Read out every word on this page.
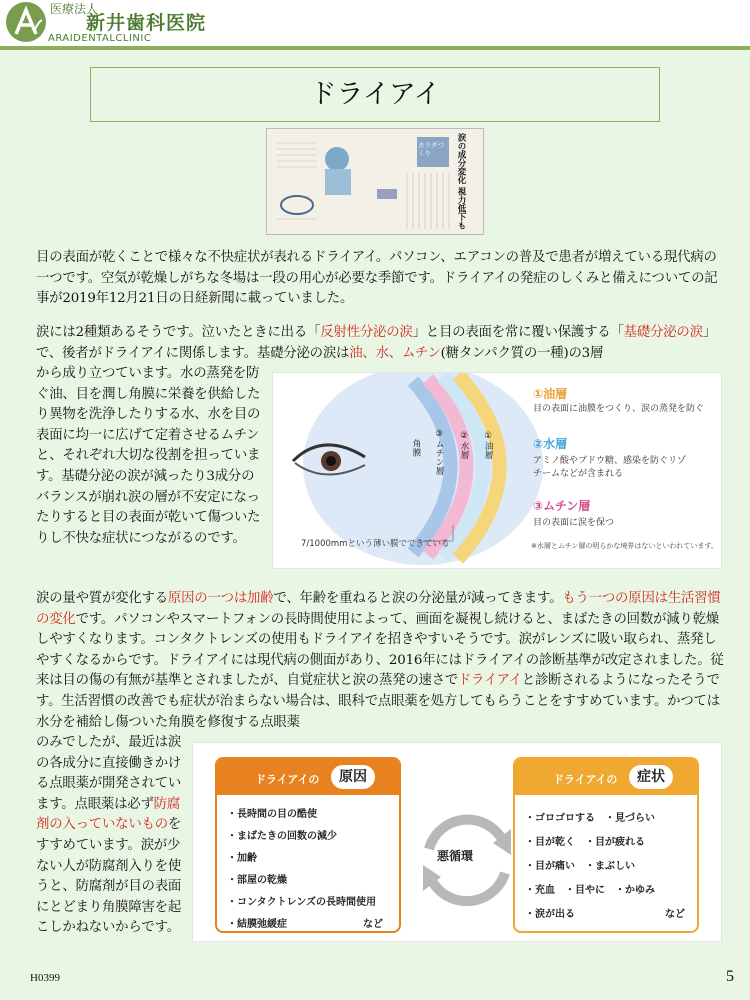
医療法人
新井歯科医院
ARAIDENTALCLINIC
ドライアイ
カラダづくり	涙の成分変化 視力低下も
目の表面が乾くことで様々な不快症状が表れるドライアイ。パソコン、エアコンの普及で患者が増えている現代病の一つです。空気が乾燥しがちな冬場は一段の用心が必要な季節です。ドライアイの発症のしくみと備えについての記事が2019年12月21日の日経新聞に載っていました。
涙には2種類あるそうです。泣いたときに出る「反射性分泌の涙」と目の表面を常に覆い保護する「基礎分泌の涙」で、後者がドライアイに関係します。基礎分泌の涙は油、水、ムチン(糖タンパク質の一種)の3層
から成り立つています。水の蒸発を防ぐ油、目を潤し角膜に栄養を供給したり異物を洗浄したりする水、水を目の表面に均一に広げて定着させるムチンと、それぞれ大切な役割を担っています。基礎分泌の涙が減ったり3成分のバランスが崩れ涙の層が不安定になったりすると目の表面が乾いて傷ついたりし不快な症状につながるのです。
角膜 ③ムチン層 ②水層 ①油層
①油層
目の表面に油膜をつくり、涙の蒸発を防ぐ
②水層
アミノ酸やブドウ糖、感染を防ぐリゾチームなどが含まれる
③ムチン層
目の表面に涙を保つ
7/1000mmという薄い膜でできている	※水層とムチン層の明らかな境界はないといわれています。
涙の量や質が変化する原因の一つは加齢で、年齢を重ねると涙の分泌量が減ってきます。もう一つの原因は生活習慣の変化です。パソコンやスマートフォンの長時間使用によって、画面を凝視し続けると、まばたきの回数が減り乾燥しやすくなります。コンタクトレンズの使用もドライアイを招きやすいそうです。涙がレンズに吸い取られ、蒸発しやすくなるからです。ドライアイには現代病の側面があり、2016年にはドライアイの診断基準が改定されました。従来は目の傷の有無が基準とされましたが、自覚症状と涙の蒸発の速さでドライアイと診断されるようになったそうです。生活習慣の改善でも症状が治まらない場合は、眼科で点眼薬を処方してもらうことをすすめています。かつては水分を補給し傷ついた角膜を修復する点眼薬
のみでしたが、最近は涙の各成分に直接働きかける点眼薬が開発されています。点眼薬は必ず防腐剤の入っていないものをすすめています。涙が少ない人が防腐剤入りを使うと、防腐剤が目の表面にとどまり角膜障害を起こしかねないからです。
ドライアイの	原因
・長時間の目の酷使
・まばたきの回数の減少
・加齢
・部屋の乾燥
・コンタクトレンズの長時間使用
・結膜弛緩症	など
悪循環
ドライアイの	症状
・ゴロゴロする　・見づらい
・目が乾く　・目が疲れる
・目が痛い　・まぶしい
・充血　・目やに　・かゆみ
・涙が出る	など
H0399	5
